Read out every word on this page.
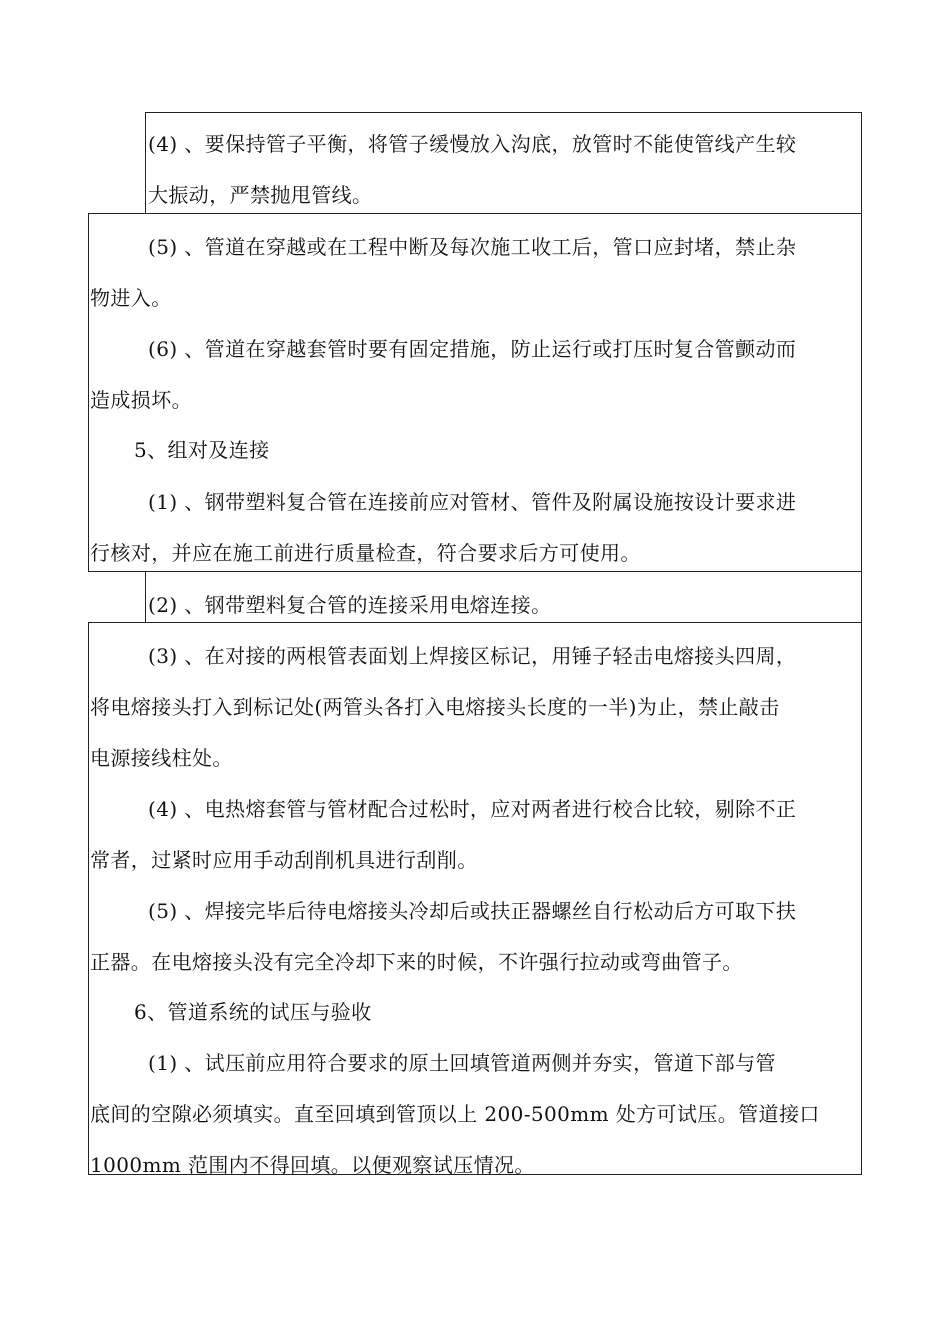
(4) 、要保持管子平衡，将管子缓慢放入沟底，放管时不能使管线产生较
大振动，严禁抛甩管线。
(5) 、管道在穿越或在工程中断及每次施工收工后，管口应封堵，禁止杂
物进入。
(6) 、管道在穿越套管时要有固定措施，防止运行或打压时复合管颤动而
造成损坏。
5、组对及连接
(1) 、钢带塑料复合管在连接前应对管材、管件及附属设施按设计要求进
行核对，并应在施工前进行质量检查，符合要求后方可使用。
(2) 、钢带塑料复合管的连接采用电熔连接。
(3) 、在对接的两根管表面划上焊接区标记，用锤子轻击电熔接头四周，
将电熔接头打入到标记处(两管头各打入电熔接头长度的一半)为止，禁止敲击
电源接线柱处。
(4) 、电热熔套管与管材配合过松时，应对两者进行校合比较，剔除不正
常者，过紧时应用手动刮削机具进行刮削。
(5) 、焊接完毕后待电熔接头冷却后或扶正器螺丝自行松动后方可取下扶
正器。在电熔接头没有完全冷却下来的时候，不许强行拉动或弯曲管子。
6、管道系统的试压与验收
(1) 、试压前应用符合要求的原土回填管道两侧并夯实，管道下部与管
底间的空隙必须填实。直至回填到管顶以上 200-500mm 处方可试压。管道接口
1000mm 范围内不得回填。以便观察试压情况。
